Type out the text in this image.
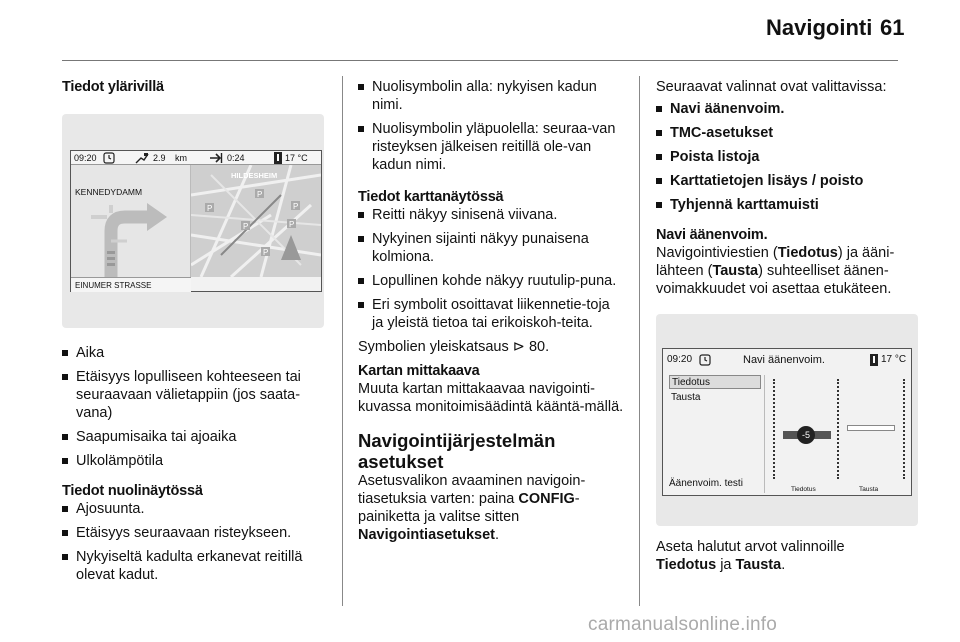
Navigointi 61
Tiedot ylärivillä
09:20	2.9 km	0:24	17 °C
KENNEDYDAMM
P
P
P
P	P
P
HILDESHEIM
EINUMER STRASSE
Aika
Etäisyys lopulliseen kohteeseen tai seuraavaan välietappiin (jos saata-vana)
Saapumisaika tai ajoaika
Ulkolämpötila
Tiedot nuolinäytössä
Ajosuunta.
Etäisyys seuraavaan risteykseen.
Nykyiseltä kadulta erkanevat reitillä olevat kadut.
Nuolisymbolin alla: nykyisen kadun nimi.
Nuolisymbolin yläpuolella: seuraa-van risteyksen jälkeisen reitillä ole-van kadun nimi.
Tiedot karttanäytössä
Reitti näkyy sinisenä viivana.
Nykyinen sijainti näkyy punaisena kolmiona.
Lopullinen kohde näkyy ruutulip-puna.
Eri symbolit osoittavat liikennetie-toja ja yleistä tietoa tai erikoiskoh-teita.

Symbolien yleiskatsaus ⊳ 80.

Kartan mittakaava

Muuta kartan mittakaavaa navigointi-kuvassa monitoimisäädintä kääntä-mällä.

Navigointijärjestelmän
asetukset

Asetusvalikon avaaminen navigoin-tiasetuksia varten: paina CONFIG-painiketta ja valitse sitten Navigointiasetukset.

Seuraavat valinnat ovat valittavissa:

Navi äänenvoim.
TMC-asetukset
Poista listoja
Karttatietojen lisäys / poisto
Tyhjennä karttamuisti
Navi äänenvoim.

Navigointiviestien (Tiedotus) ja ääni-lähteen (Tausta) suhteelliset äänen-voimakkuudet voi asettaa etukäteen.

09:20	Navi äänenvoim.	17 °C
Tiedotus
Tausta
Äänenvoim. testi
-5
Tiedotus	Tausta

Aseta halutut arvot valinnoille
Tiedotus ja Tausta.

carmanualsonline.info
